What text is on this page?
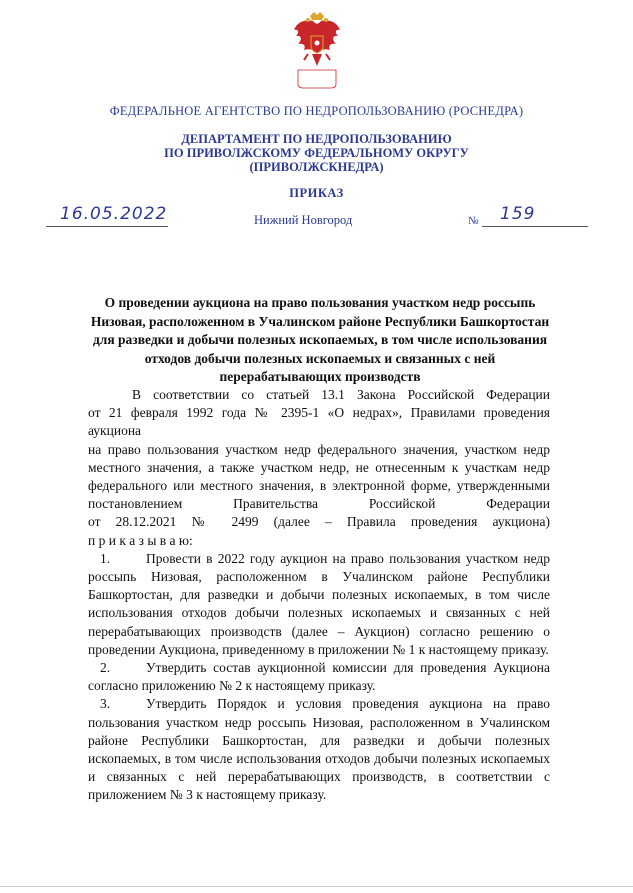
ФЕДЕРАЛЬНОЕ АГЕНТСТВО ПО НЕДРОПОЛЬЗОВАНИЮ (РОСНЕДРА)
ДЕПАРТАМЕНТ ПО НЕДРОПОЛЬЗОВАНИЮ
ПО ПРИВОЛЖСКОМУ ФЕДЕРАЛЬНОМУ ОКРУГУ
(ПРИВОЛЖСКНЕДРА)
ПРИКАЗ
16.05.2022	Нижний Новгород	№ 159
О проведении аукциона на право пользования участком недр россыпь Низовая, расположенном в Учалинском районе Республики Башкортостан для разведки и добычи полезных ископаемых, в том числе использования отходов добычи полезных ископаемых и связанных с ней перерабатывающих производств

В соответствии со статьей 13.1 Закона Российской Федерации

от 21 февраля 1992 года № 2395-1 «О недрах», Правилами проведения аукциона

на право пользования участком недр федерального значения, участком недр

местного значения, а также участком недр, не отнесенным к участкам недр

федерального или местного значения, в электронной форме, утвержденными

постановлением Правительства Российской Федерации

от 28.12.2021 № 2499 (далее – Правила проведения аукциона)

п р и к а з ы в а ю:

1.	Провести в 2022 году аукцион на право пользования участком недр россыпь Низовая, расположенном в Учалинском районе Республики Башкортостан, для разведки и добычи полезных ископаемых, в том числе использования отходов добычи полезных ископаемых и связанных с ней перерабатывающих производств (далее – Аукцион) согласно решению о проведении Аукциона, приведенному в приложении № 1 к настоящему приказу.

2.	Утвердить состав аукционной комиссии для проведения Аукциона согласно приложению № 2 к настоящему приказу.

3.	Утвердить Порядок и условия проведения аукциона на право пользования участком недр россыпь Низовая, расположенном в Учалинском районе Республики Башкортостан, для разведки и добычи полезных ископаемых, в том числе использования отходов добычи полезных ископаемых и связанных с ней перерабатывающих производств, в соответствии с приложением № 3 к настоящему приказу.
